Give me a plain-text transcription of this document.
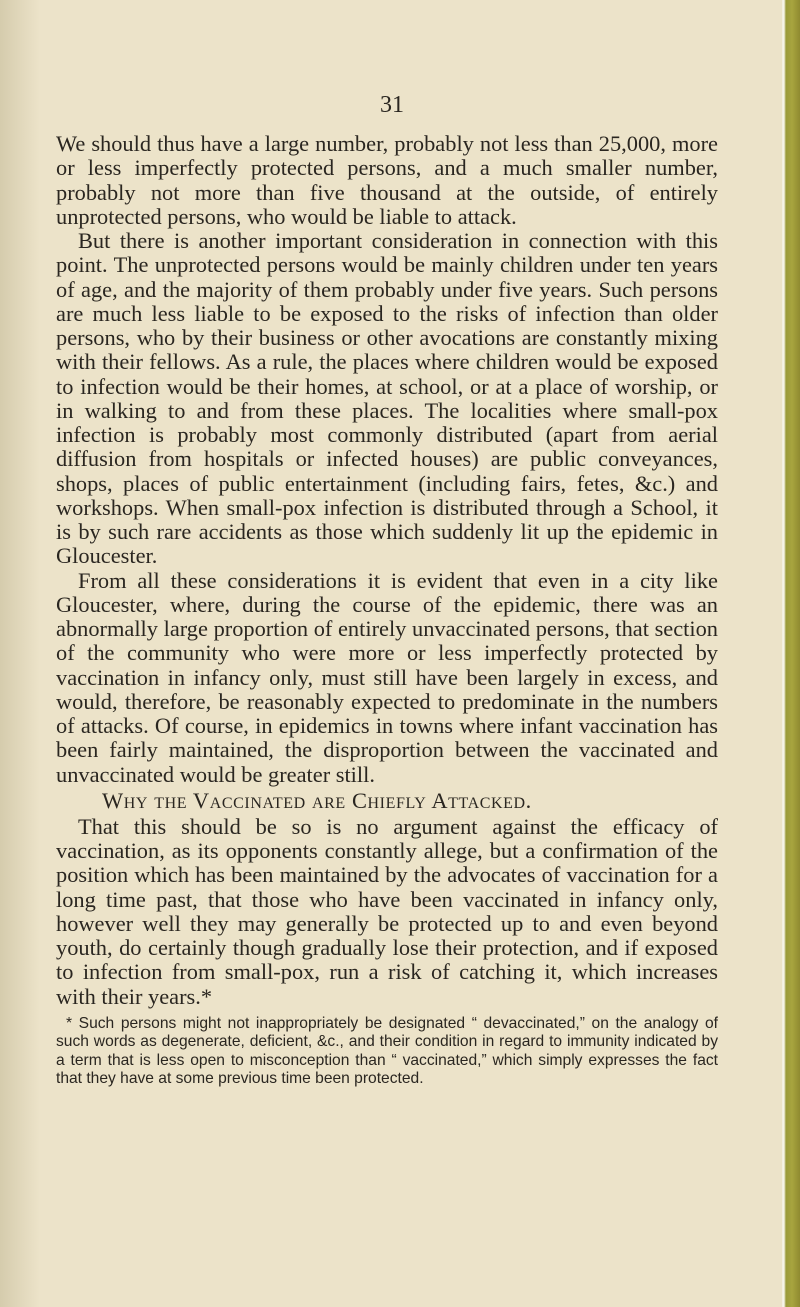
31

We should thus have a large number, probably not less than 25,000, more or less imperfectly protected persons, and a much smaller number, probably not more than five thousand at the outside, of entirely unprotected persons, who would be liable to attack.

But there is another important consideration in connection with this point. The unprotected persons would be mainly children under ten years of age, and the majority of them probably under five years. Such persons are much less liable to be exposed to the risks of infection than older persons, who by their business or other avocations are constantly mixing with their fellows. As a rule, the places where children would be exposed to infection would be their homes, at school, or at a place of worship, or in walking to and from these places. The localities where small-pox infection is probably most commonly distributed (apart from aerial diffusion from hospitals or infected houses) are public conveyances, shops, places of public entertainment (including fairs, fetes, &c.) and workshops. When small-pox infection is distributed through a School, it is by such rare accidents as those which suddenly lit up the epidemic in Gloucester.

From all these considerations it is evident that even in a city like Gloucester, where, during the course of the epidemic, there was an abnormally large proportion of entirely unvaccinated persons, that section of the community who were more or less imperfectly protected by vaccination in infancy only, must still have been largely in excess, and would, therefore, be reasonably expected to predominate in the numbers of attacks. Of course, in epidemics in towns where infant vaccination has been fairly maintained, the disproportion between the vaccinated and unvaccinated would be greater still.

Why the Vaccinated are Chiefly Attacked.

That this should be so is no argument against the efficacy of vaccination, as its opponents constantly allege, but a confirmation of the position which has been maintained by the advocates of vaccination for a long time past, that those who have been vaccinated in infancy only, however well they may generally be protected up to and even beyond youth, do certainly though gradually lose their protection, and if exposed to infection from small-pox, run a risk of catching it, which increases with their years.*

* Such persons might not inappropriately be designated “ devaccinated,” on the analogy of such words as degenerate, deficient, &c., and their condition in regard to immunity indicated by a term that is less open to misconception than “ vaccinated,” which simply expresses the fact that they have at some previous time been protected.
